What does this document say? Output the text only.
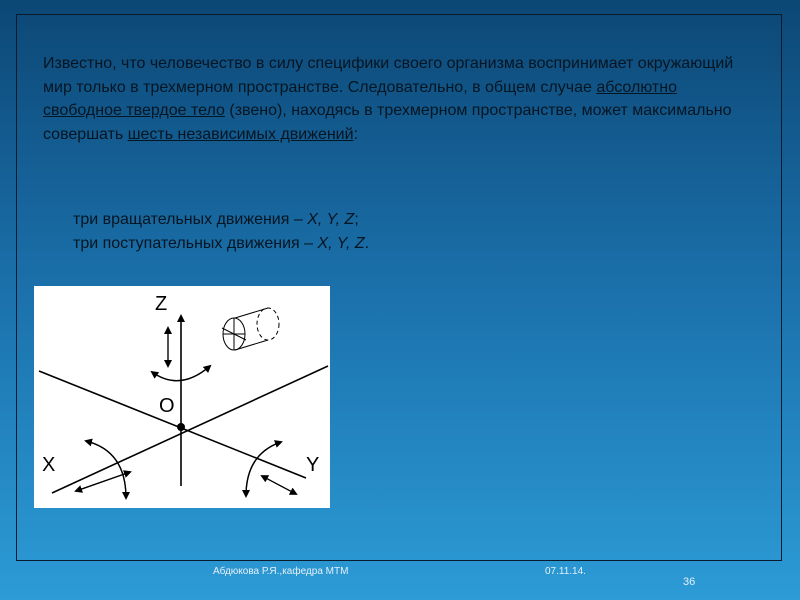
Известно, что человечество в силу специфики своего организма воспринимает окружающий мир только в трехмерном пространстве. Следовательно, в общем случае абсолютно свободное твердое тело (звено), находясь в трехмерном пространстве, может максимально совершать шесть независимых движений:

три вращательных движения – X, Y, Z;
три поступательных движения – X, Y, Z.
Z
O
X	Y
Абдюкова Р.Я.,кафедра МТМ	07.11.14.
36
